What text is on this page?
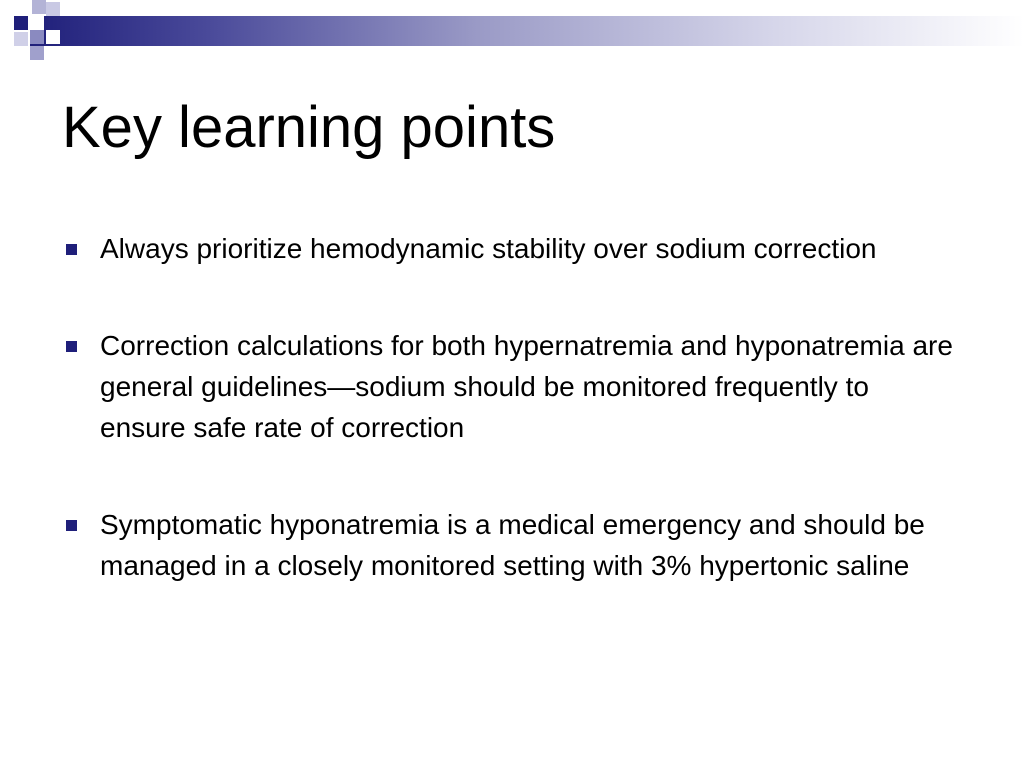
Key learning points
Always prioritize hemodynamic stability over sodium correction
Correction calculations for both hypernatremia and hyponatremia are general guidelines—sodium should be monitored frequently to ensure safe rate of correction
Symptomatic hyponatremia is a medical emergency and should be managed in a closely monitored setting with 3% hypertonic saline
